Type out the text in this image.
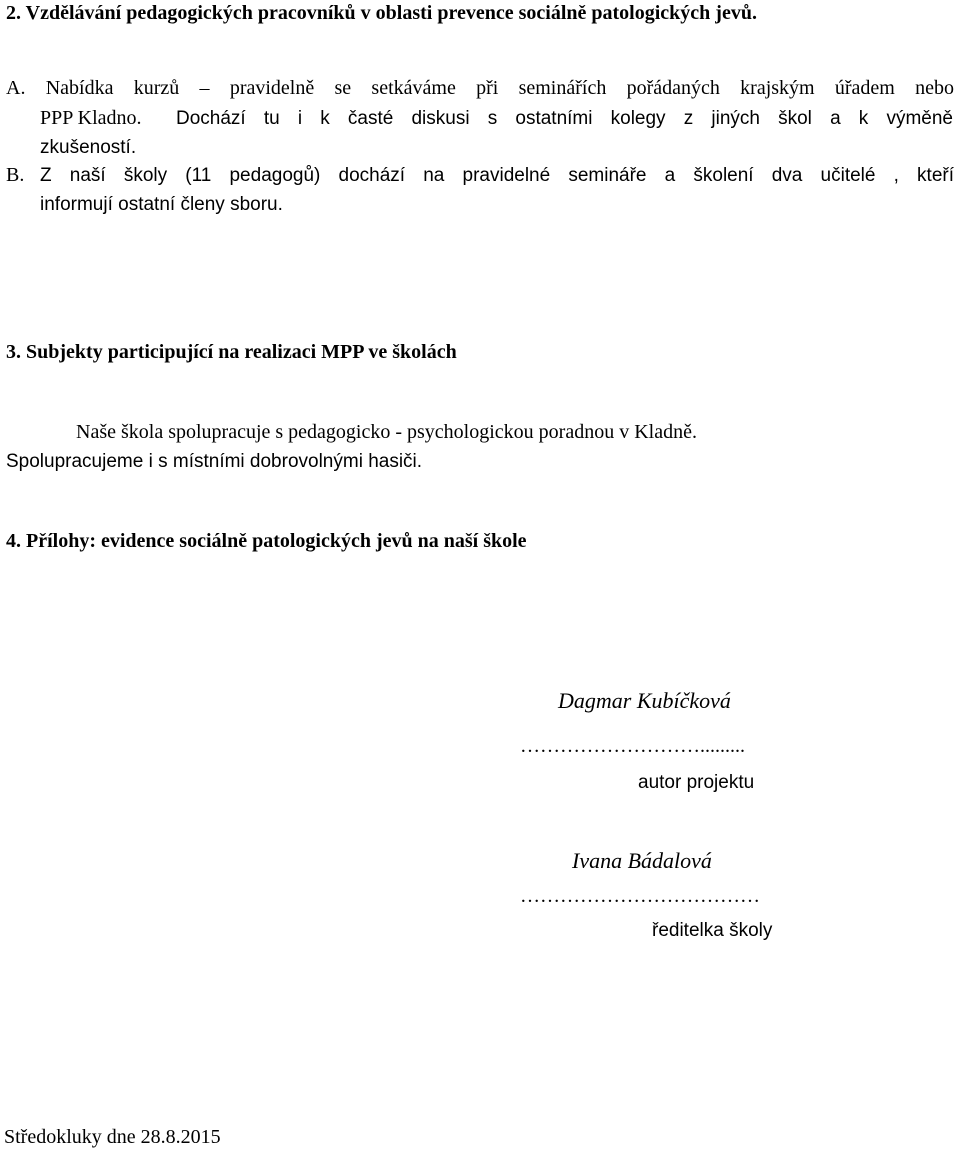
2. Vzdělávání pedagogických pracovníků v oblasti prevence sociálně patologických jevů.
A. Nabídka kurzů – pravidelně se setkáváme při seminářích pořádaných krajským úřadem nebo
PPP Kladno. Dochází tu i k časté diskusi s ostatními kolegy z jiných škol a k výměně
zkušeností.
B. Z naší školy (11 pedagogů) dochází na pravidelné semináře a školení dva učitelé , kteří
informují ostatní členy sboru.
3. Subjekty participující na realizaci MPP ve školách
Naše škola spolupracuje s pedagogicko - psychologickou poradnou v Kladně.
Spolupracujeme i s místními dobrovolnými hasiči.
4. Přílohy: evidence sociálně patologických jevů na naší škole
Dagmar Kubíčková
……………………….........
autor projektu
Ivana Bádalová
………………………………
ředitelka školy
Středokluky dne 28.8.2015
